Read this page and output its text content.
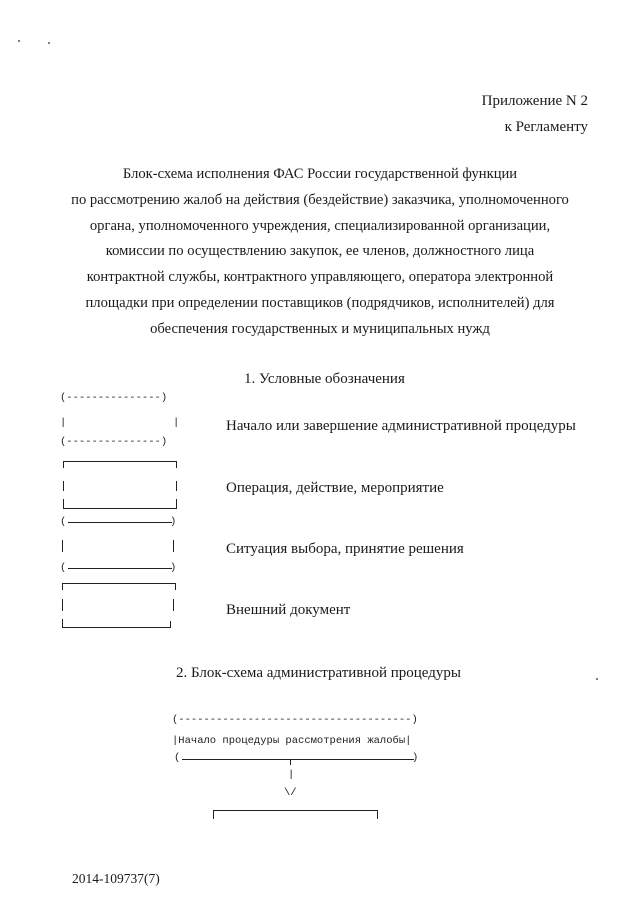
Приложение N 2
к Регламенту
Блок-схема исполнения ФАС России государственной функции
по рассмотрению жалоб на действия (бездействие) заказчика, уполномоченного
органа, уполномоченного учреждения, специализированной организации,
комиссии по осуществлению закупок, ее членов, должностного лица
контрактной службы, контрактного управляющего, оператора электронной
площадки при определении поставщиков (подрядчиков, исполнителей) для
обеспечения государственных и муниципальных нужд
1. Условные обозначения
(---------------)
|	|
(---------------)
Начало или завершение административной процедуры
Операция, действие, мероприятие
(	)
(	)
Ситуация выбора, принятие решения
Внешний документ
2. Блок-схема административной процедуры
(-------------------------------------)
|Начало процедуры рассмотрения жалобы|
(	)
|
\/
2014-109737(7)
